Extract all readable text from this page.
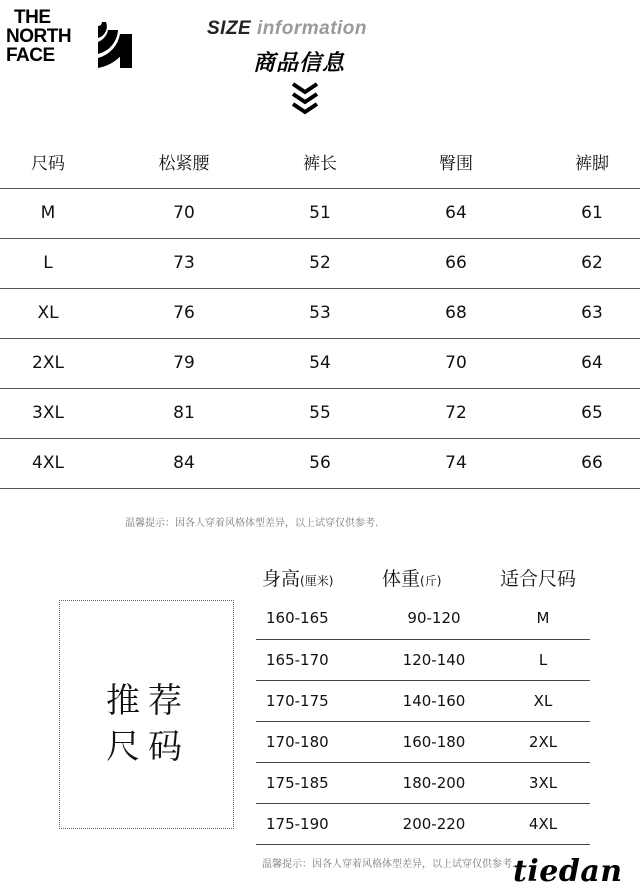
THE
NORTH
FACE
SIZE information
商品信息
尺码	松紧腰	裤长	臀围	裤脚
M	70	51	64	61
L	73	52	66	62
XL	76	53	68	63
2XL	79	54	70	64
3XL	81	55	72	65
4XL	84	56	74	66
温馨提示：因各人穿着风格体型差异，以上试穿仅供参考.
推荐
尺码
身高(厘米)	体重(斤)	适合尺码
160-165	90-120	M
165-170	120-140	L
170-175	140-160	XL
170-180	160-180	2XL
175-185	180-200	3XL
175-190	200-220	4XL
温馨提示：因各人穿着风格体型差异，以上试穿仅供参考.
tiedan
